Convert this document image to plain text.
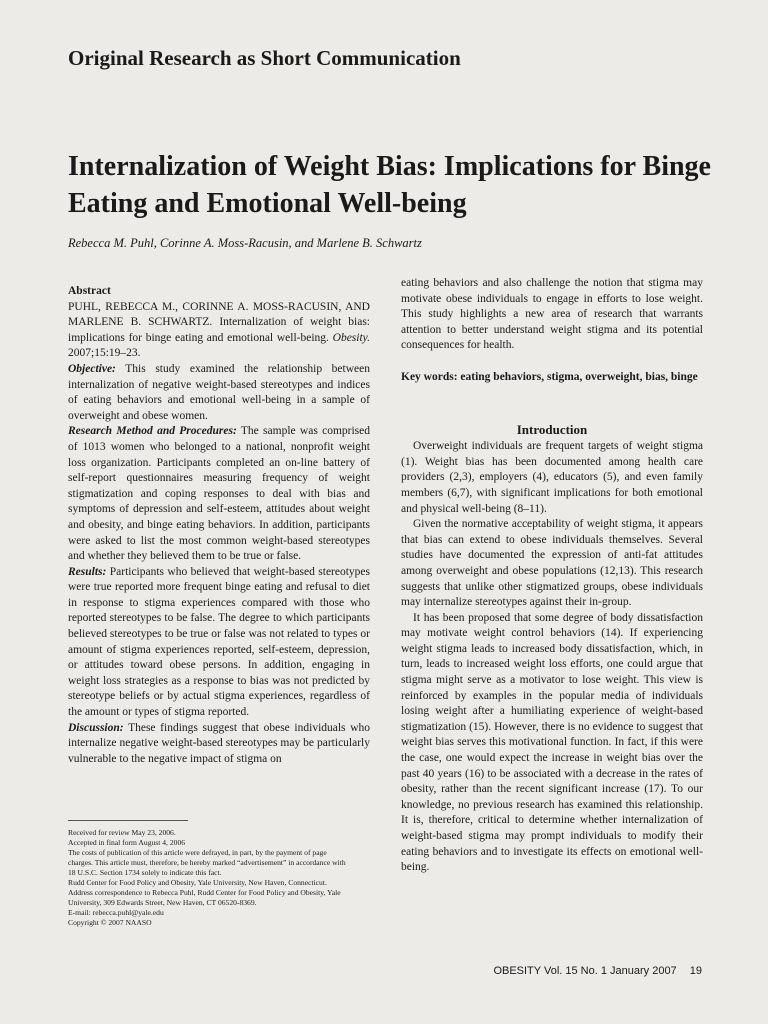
Original Research as Short Communication
Internalization of Weight Bias: Implications for Binge Eating and Emotional Well-being
Rebecca M. Puhl, Corinne A. Moss-Racusin, and Marlene B. Schwartz
Abstract
PUHL, REBECCA M., CORINNE A. MOSS-RACUSIN, AND MARLENE B. SCHWARTZ. Internalization of weight bias: implications for binge eating and emotional well-being. Obesity. 2007;15:19–23.
Objective: This study examined the relationship between internalization of negative weight-based stereotypes and indices of eating behaviors and emotional well-being in a sample of overweight and obese women.
Research Method and Procedures: The sample was comprised of 1013 women who belonged to a national, nonprofit weight loss organization. Participants completed an on-line battery of self-report questionnaires measuring frequency of weight stigmatization and coping responses to deal with bias and symptoms of depression and self-esteem, attitudes about weight and obesity, and binge eating behaviors. In addition, participants were asked to list the most common weight-based stereotypes and whether they believed them to be true or false.
Results: Participants who believed that weight-based stereotypes were true reported more frequent binge eating and refusal to diet in response to stigma experiences compared with those who reported stereotypes to be false. The degree to which participants believed stereotypes to be true or false was not related to types or amount of stigma experiences reported, self-esteem, depression, or attitudes toward obese persons. In addition, engaging in weight loss strategies as a response to bias was not predicted by stereotype beliefs or by actual stigma experiences, regardless of the amount or types of stigma reported.
Discussion: These findings suggest that obese individuals who internalize negative weight-based stereotypes may be particularly vulnerable to the negative impact of stigma on
eating behaviors and also challenge the notion that stigma may motivate obese individuals to engage in efforts to lose weight. This study highlights a new area of research that warrants attention to better understand weight stigma and its potential consequences for health.
Key words: eating behaviors, stigma, overweight, bias, binge
Introduction
Overweight individuals are frequent targets of weight stigma (1). Weight bias has been documented among health care providers (2,3), employers (4), educators (5), and even family members (6,7), with significant implications for both emotional and physical well-being (8–11).
Given the normative acceptability of weight stigma, it appears that bias can extend to obese individuals themselves. Several studies have documented the expression of anti-fat attitudes among overweight and obese populations (12,13). This research suggests that unlike other stigmatized groups, obese individuals may internalize stereotypes against their in-group.
It has been proposed that some degree of body dissatisfaction may motivate weight control behaviors (14). If experiencing weight stigma leads to increased body dissatisfaction, which, in turn, leads to increased weight loss efforts, one could argue that stigma might serve as a motivator to lose weight. This view is reinforced by examples in the popular media of individuals losing weight after a humiliating experience of weight-based stigmatization (15). However, there is no evidence to suggest that weight bias serves this motivational function. In fact, if this were the case, one would expect the increase in weight bias over the past 40 years (16) to be associated with a decrease in the rates of obesity, rather than the recent significant increase (17). To our knowledge, no previous research has examined this relationship. It is, therefore, critical to determine whether internalization of weight-based stigma may prompt individuals to modify their eating behaviors and to investigate its effects on emotional well-being.
Received for review May 23, 2006.
Accepted in final form August 4, 2006
The costs of publication of this article were defrayed, in part, by the payment of page
charges. This article must, therefore, be hereby marked “advertisement” in accordance with
18 U.S.C. Section 1734 solely to indicate this fact.
Rudd Center for Food Policy and Obesity, Yale University, New Haven, Connecticut.
Address correspondence to Rebecca Puhl, Rudd Center for Food Policy and Obesity, Yale
University, 309 Edwards Street, New Haven, CT 06520-8369.
E-mail: rebecca.puhl@yale.edu
Copyright © 2007 NAASO
OBESITY Vol. 15 No. 1 January 2007 19
